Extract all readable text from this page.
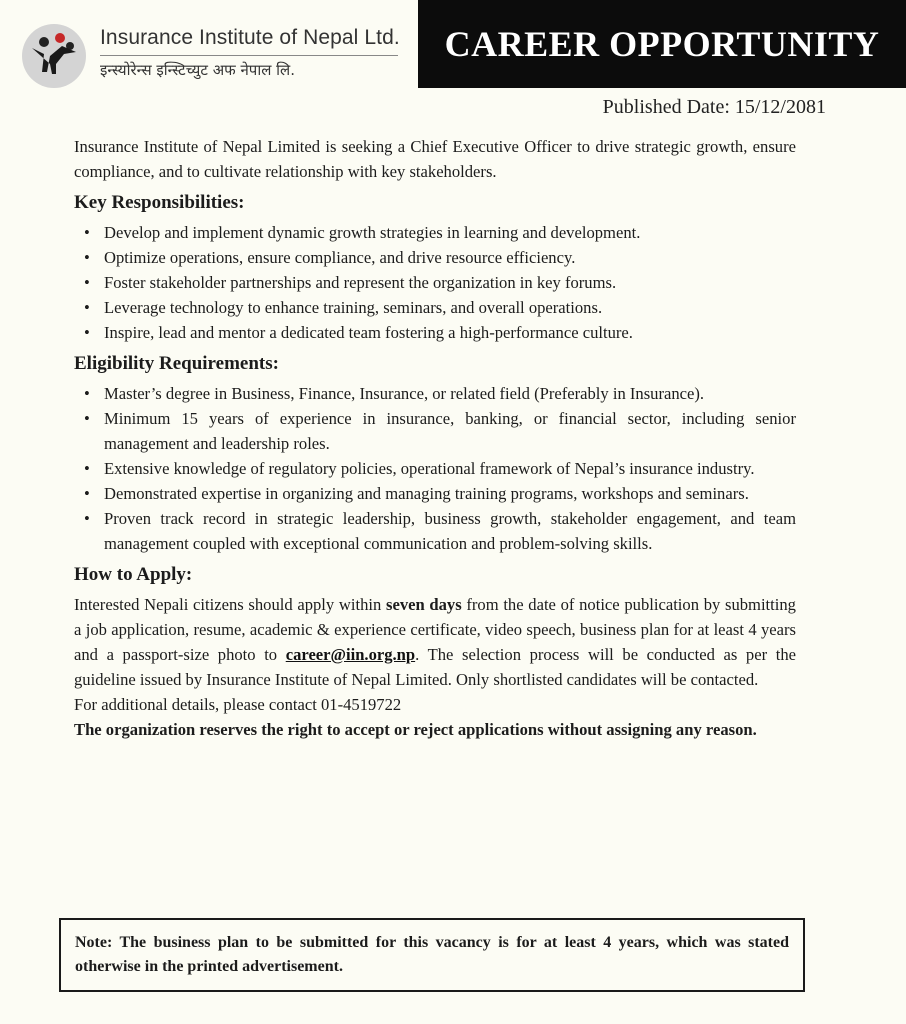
Insurance Institute of Nepal Ltd.
इन्स्योरेन्स इन्स्टिच्युट अफ नेपाल लि.
CAREER OPPORTUNITY
Published Date: 15/12/2081

Insurance Institute of Nepal Limited is seeking a Chief Executive Officer to drive strategic growth, ensure compliance, and to cultivate relationship with key stakeholders.

Key Responsibilities:
• Develop and implement dynamic growth strategies in learning and development.
• Optimize operations, ensure compliance, and drive resource efficiency.
• Foster stakeholder partnerships and represent the organization in key forums.
• Leverage technology to enhance training, seminars, and overall operations.
• Inspire, lead and mentor a dedicated team fostering a high-performance culture.
Eligibility Requirements:
• Master’s degree in Business, Finance, Insurance, or related field (Preferably in Insurance).
• Minimum 15 years of experience in insurance, banking, or financial sector, including senior management and leadership roles.
• Extensive knowledge of regulatory policies, operational framework of Nepal’s insurance industry.
• Demonstrated expertise in organizing and managing training programs, workshops and seminars.
• Proven track record in strategic leadership, business growth, stakeholder engagement, and team management coupled with exceptional communication and problem-solving skills.
How to Apply:

Interested Nepali citizens should apply within seven days from the date of notice publication by submitting a job application, resume, academic & experience certificate, video speech, business plan for at least 4 years and a passport-size photo to career@iin.org.np. The selection process will be conducted as per the guideline issued by Insurance Institute of Nepal Limited. Only shortlisted candidates will be contacted.

For additional details, please contact 01-4519722

The organization reserves the right to accept or reject applications without assigning any reason.

Note: The business plan to be submitted for this vacancy is for at least 4 years, which was stated otherwise in the printed advertisement.
